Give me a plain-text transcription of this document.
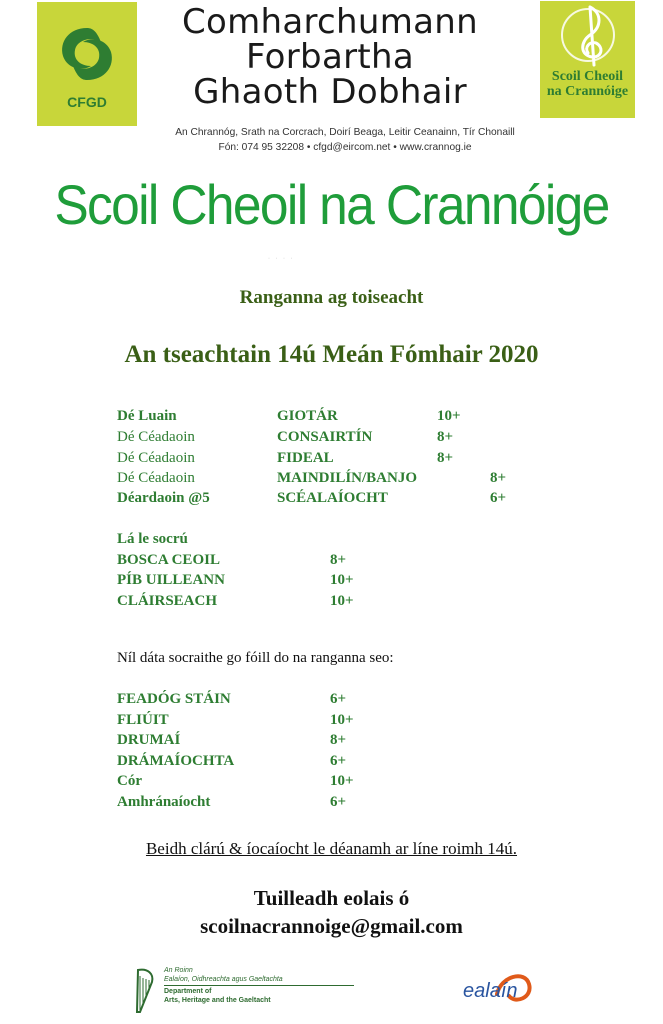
CFGD
Comharchumann
Forbartha
Ghaoth Dobhair
An Chrannóg, Srath na Corcrach, Doirí Beaga, Leitir Ceanainn, Tír Chonaill
Fón: 074 95 32208 • cfgd@eircom.net • www.crannog.ie
Scoil Cheoil
na Crannóige
Scoil Cheoil na Crannóige
· · · ·
Ranganna ag toiseacht
An tseachtain 14ú Meán Fómhair 2020
Dé Luain	GIOTÁR	10+
Dé Céadaoin	CONSAIRTÍN	8+
Dé Céadaoin	FIDEAL	8+
Dé Céadaoin	MAINDILÍN/BANJO	8+
Déardaoin @5	SCÉALAÍOCHT	6+
Lá le socrú
BOSCA CEOIL	8+
PÍB UILLEANN	10+
CLÁIRSEACH	10+
Níl dáta socraithe go fóill do na ranganna seo:
FEADÓG STÁIN	6+
FLIÚIT	10+
DRUMAÍ	8+
DRÁMAÍOCHTA	6+
Cór	10+
Amhránaíocht	6+
Beidh clárú & íocaíocht le déanamh ar líne roimh 14ú.
Tuilleadh eolais ó
scoilnacrannoige@gmail.com
An Roinn
Ealaíon, Oidhreachta agus Gaeltachta
Department of
Arts, Heritage and the Gaeltacht	ealaín
